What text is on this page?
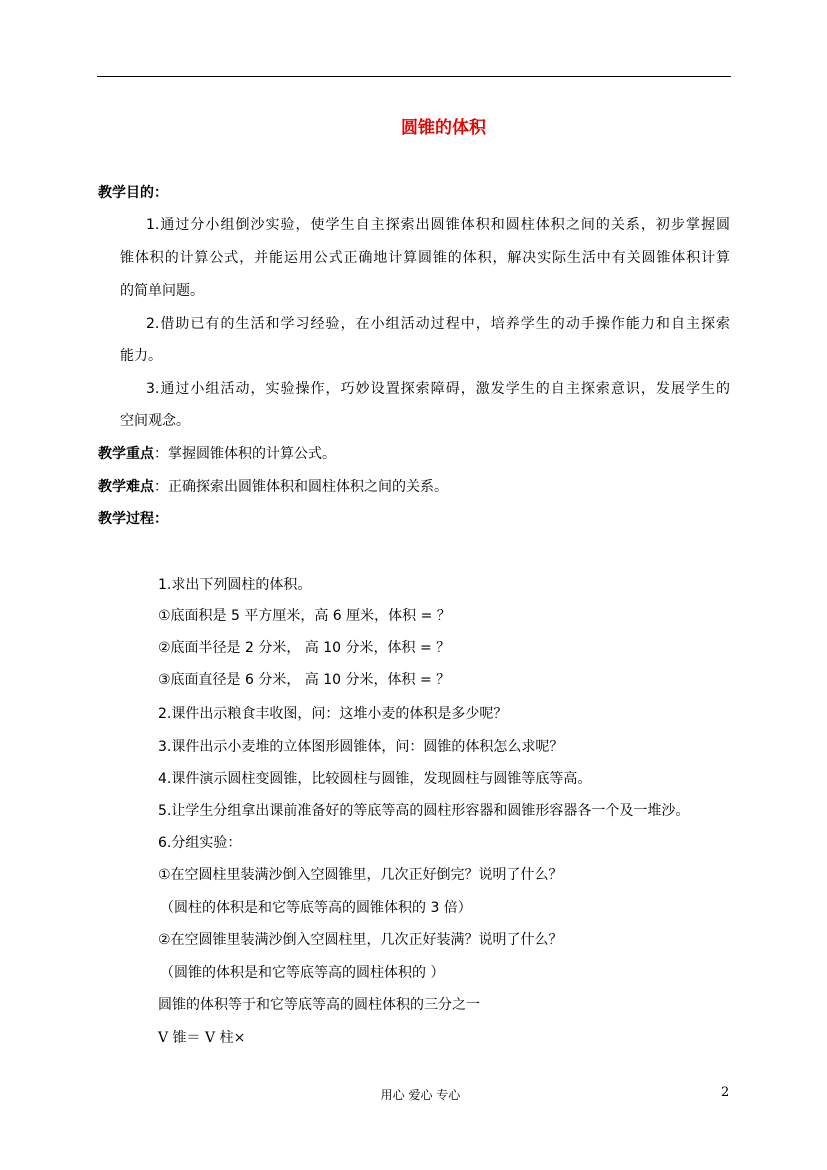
圆锥的体积
教学目的：
1.通过分小组倒沙实验，使学生自主探索出圆锥体积和圆柱体积之间的关系，初步掌握圆
锥体积的计算公式，并能运用公式正确地计算圆锥的体积，解决实际生活中有关圆锥体积计算
的简单问题。
2.借助已有的生活和学习经验，在小组活动过程中，培养学生的动手操作能力和自主探索
能力。
3.通过小组活动，实验操作，巧妙设置探索障碍，激发学生的自主探索意识，发展学生的
空间观念。
教学重点：掌握圆锥体积的计算公式。
教学难点：正确探索出圆锥体积和圆柱体积之间的关系。
教学过程：
1.求出下列圆柱的体积。
①底面积是 5 平方厘米，高 6 厘米，体积 = ？
②底面半径是 2 分米， 高 10 分米，体积 = ？
③底面直径是 6 分米， 高 10 分米，体积 = ？
2.课件出示粮食丰收图，问：这堆小麦的体积是多少呢？
3.课件出示小麦堆的立体图形圆锥体，问：圆锥的体积怎么求呢？
4.课件演示圆柱变圆锥，比较圆柱与圆锥，发现圆柱与圆锥等底等高。
5.让学生分组拿出课前准备好的等底等高的圆柱形容器和圆锥形容器各一个及一堆沙。
6.分组实验：
①在空圆柱里装满沙倒入空圆锥里，几次正好倒完？说明了什么？
（圆柱的体积是和它等底等高的圆锥体积的 3 倍）
②在空圆锥里装满沙倒入空圆柱里，几次正好装满？说明了什么？
（圆锥的体积是和它等底等高的圆柱体积的 ）
圆锥的体积等于和它等底等高的圆柱体积的三分之一
V 锥＝ V 柱×
用心 爱心 专心	2
